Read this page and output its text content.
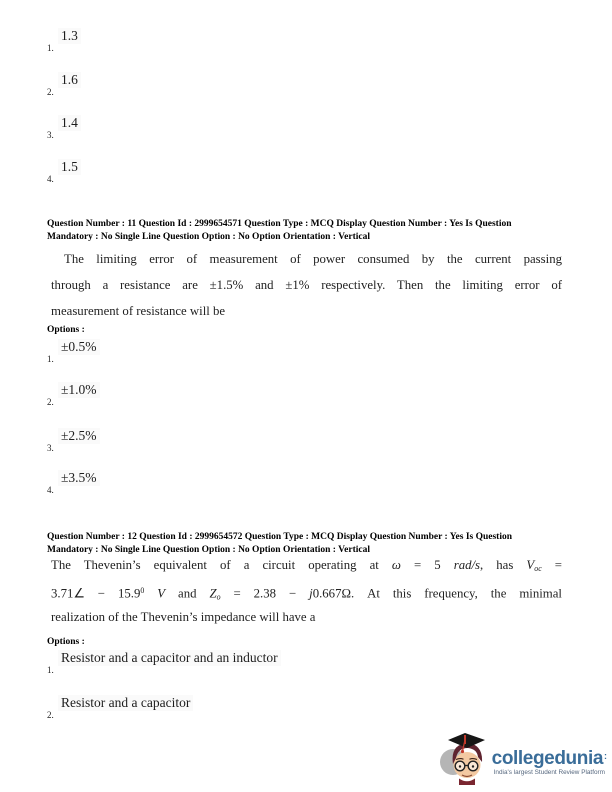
1.
1.3
2.
1.6
3.
1.4
4.
1.5
Question Number : 11 Question Id : 2999654571 Question Type : MCQ Display Question Number : Yes Is Question
Mandatory : No Single Line Question Option : No Option Orientation : Vertical
The limiting error of measurement of power consumed by the current passing
through a resistance are ±1.5% and ±1% respectively. Then the limiting error of
measurement of resistance will be
Options :
1.
±0.5%
2.
±1.0%
3.
±2.5%
4.
±3.5%
Question Number : 12 Question Id : 2999654572 Question Type : MCQ Display Question Number : Yes Is Question
Mandatory : No Single Line Question Option : No Option Orientation : Vertical
The Thevenin’s equivalent of a circuit operating at ω = 5 rad/s, has Voc =
3.71∠ − $15.9^0$ V and Zo = 2.38 − j0.667Ω. At this frequency, the minimal
realization of the Thevenin’s impedance will have a
Options :
1.
Resistor and a capacitor and an inductor
2.
Resistor and a capacitor
collegedunia:
India's largest Student Review Platform
